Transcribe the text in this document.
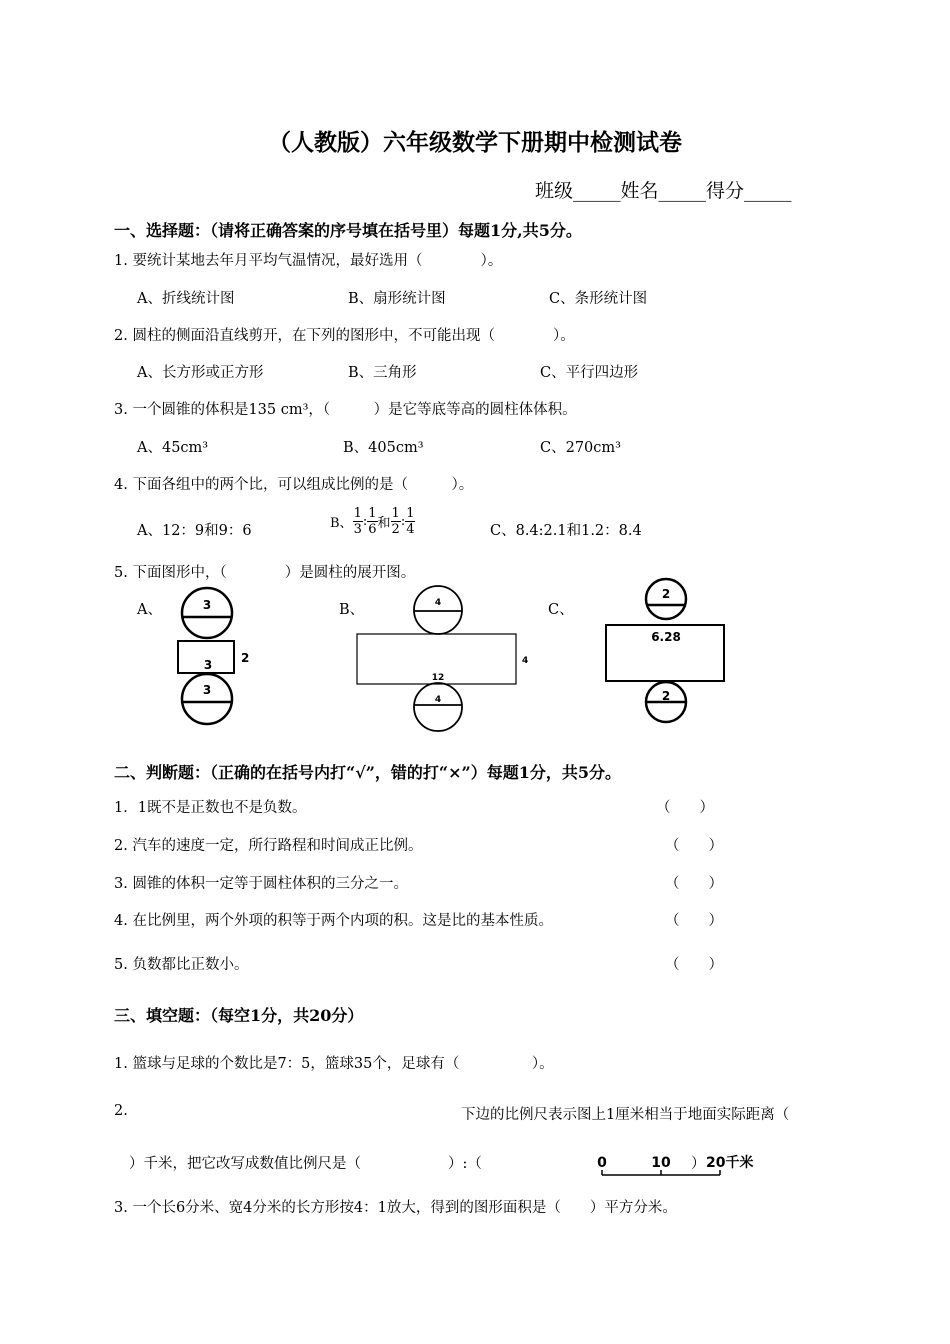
（人教版）六年级数学下册期中检测试卷
班级_____姓名_____得分_____
一、选择题：（请将正确答案的序号填在括号里）每题1分,共5分。
1. 要统计某地去年月平均气温情况，最好选用（　　　　）。
A、折线统计图	B、扇形统计图	C、条形统计图
2. 圆柱的侧面沿直线剪开，在下列的图形中，不可能出现（　　　　）。
A、长方形或正方形	B、三角形	C、平行四边形
3. 一个圆锥的体积是135 cm³，（　　　）是它等底等高的圆柱体体积。
A、45cm³	B、405cm³	C、270cm³
4. 下面各组中的两个比，可以组成比例的是（　　　）。
A、12：9和9：6	B、 $\frac{1}{3}$ : $\frac{1}{6}$ 和 $\frac{1}{2}$ : $\frac{1}{4}$	C、8.4:2.1和1.2：8.4
5. 下面图形中，（　　　　）是圆柱的展开图。
A、	B、	C、
3
3 2
3
4
12
4
4
2
6.28
2
二、判断题：（正确的在括号内打“√”，错的打“×”）每题1分，共5分。
1．1既不是正数也不是负数。	（　　）
2. 汽车的速度一定，所行路程和时间成正比例。	（　　）
3. 圆锥的体积一定等于圆柱体积的三分之一。	（　　）
4. 在比例里，两个外项的积等于两个内项的积。这是比的基本性质。	（　　）
5. 负数都比正数小。	（　　）
三、填空题：（每空1分，共20分）
1. 篮球与足球的个数比是7：5，篮球35个，足球有（　　　　　）。
2.	下边的比例尺表示图上1厘米相当于地面实际距离（
）千米，把它改写成数值比例尺是（　　　　　　）:（	）
0	10	20千米
3. 一个长6分米、宽4分米的长方形按4：1放大，得到的图形面积是（　　）平方分米。
